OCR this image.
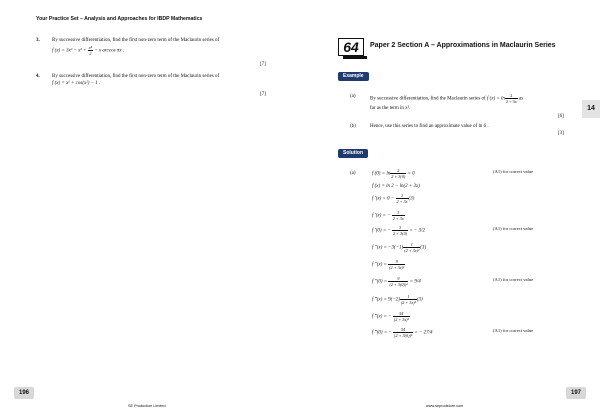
Your Practice Set – Analysis and Approaches for IBDP Mathematics
3. By successive differentiation, find the first non-zero term of the Maclaurin series of
f $(x) = 3x^2 - x^3 + \frac{\text{x⁴}}{2} - x$ arccos πx .
[7]
4. By successive differentiation, find the first non-zero term of the Maclaurin series of
f (x) = x² + cos(x²) − 1 .
[7]
196
SE Production Limited
64	Paper 2 Section A – Approximations in Maclaurin Series
14
Example
(a)
By successive differentiation, find the Maclaurin series of f $(x) = \ln \frac{2}{2 + 3x}$ as
far as the term in x².
[6]
(b)	Hence, use this series to find an approximate value of ln 6 .
[3]
Solution
(a)	f $(0) = \ln \frac{2}{2 + 3(0)} = 0$
(A1) for correct value
f (x) = ln 2 − ln(2 + 3x)
f $'(x) = 0 - \frac{1}{2 + 3x} (3)$
f ′(x) = − $\frac{3}{2 + 3x}$
f ′(0) = − $\frac{3}{2 + 3(0)}$ = − 3/2
(A1) for correct value
f $''(x) = -3(-1) \frac{1}{\text{(2 + 3x)²}} (3)$
f $''(x) = \frac{9}{\text{(2 + 3x)²}}$
f $''(0) = \frac{9}{\text{(2 + 3(0))²}} = 9/4$
(A1) for correct value
f ‴(x) = $9(-2) \frac{1}{\text{(2 + 3x)³}} (3)$
f ‴(x) = − $\frac{54}{\text{(2 + 3x)³}}$
f ‴(0) = − $\frac{54}{\text{(2 + 3(0))³}}$ = − 27/4
(A1) for correct value
197
www.seprodstore.com
